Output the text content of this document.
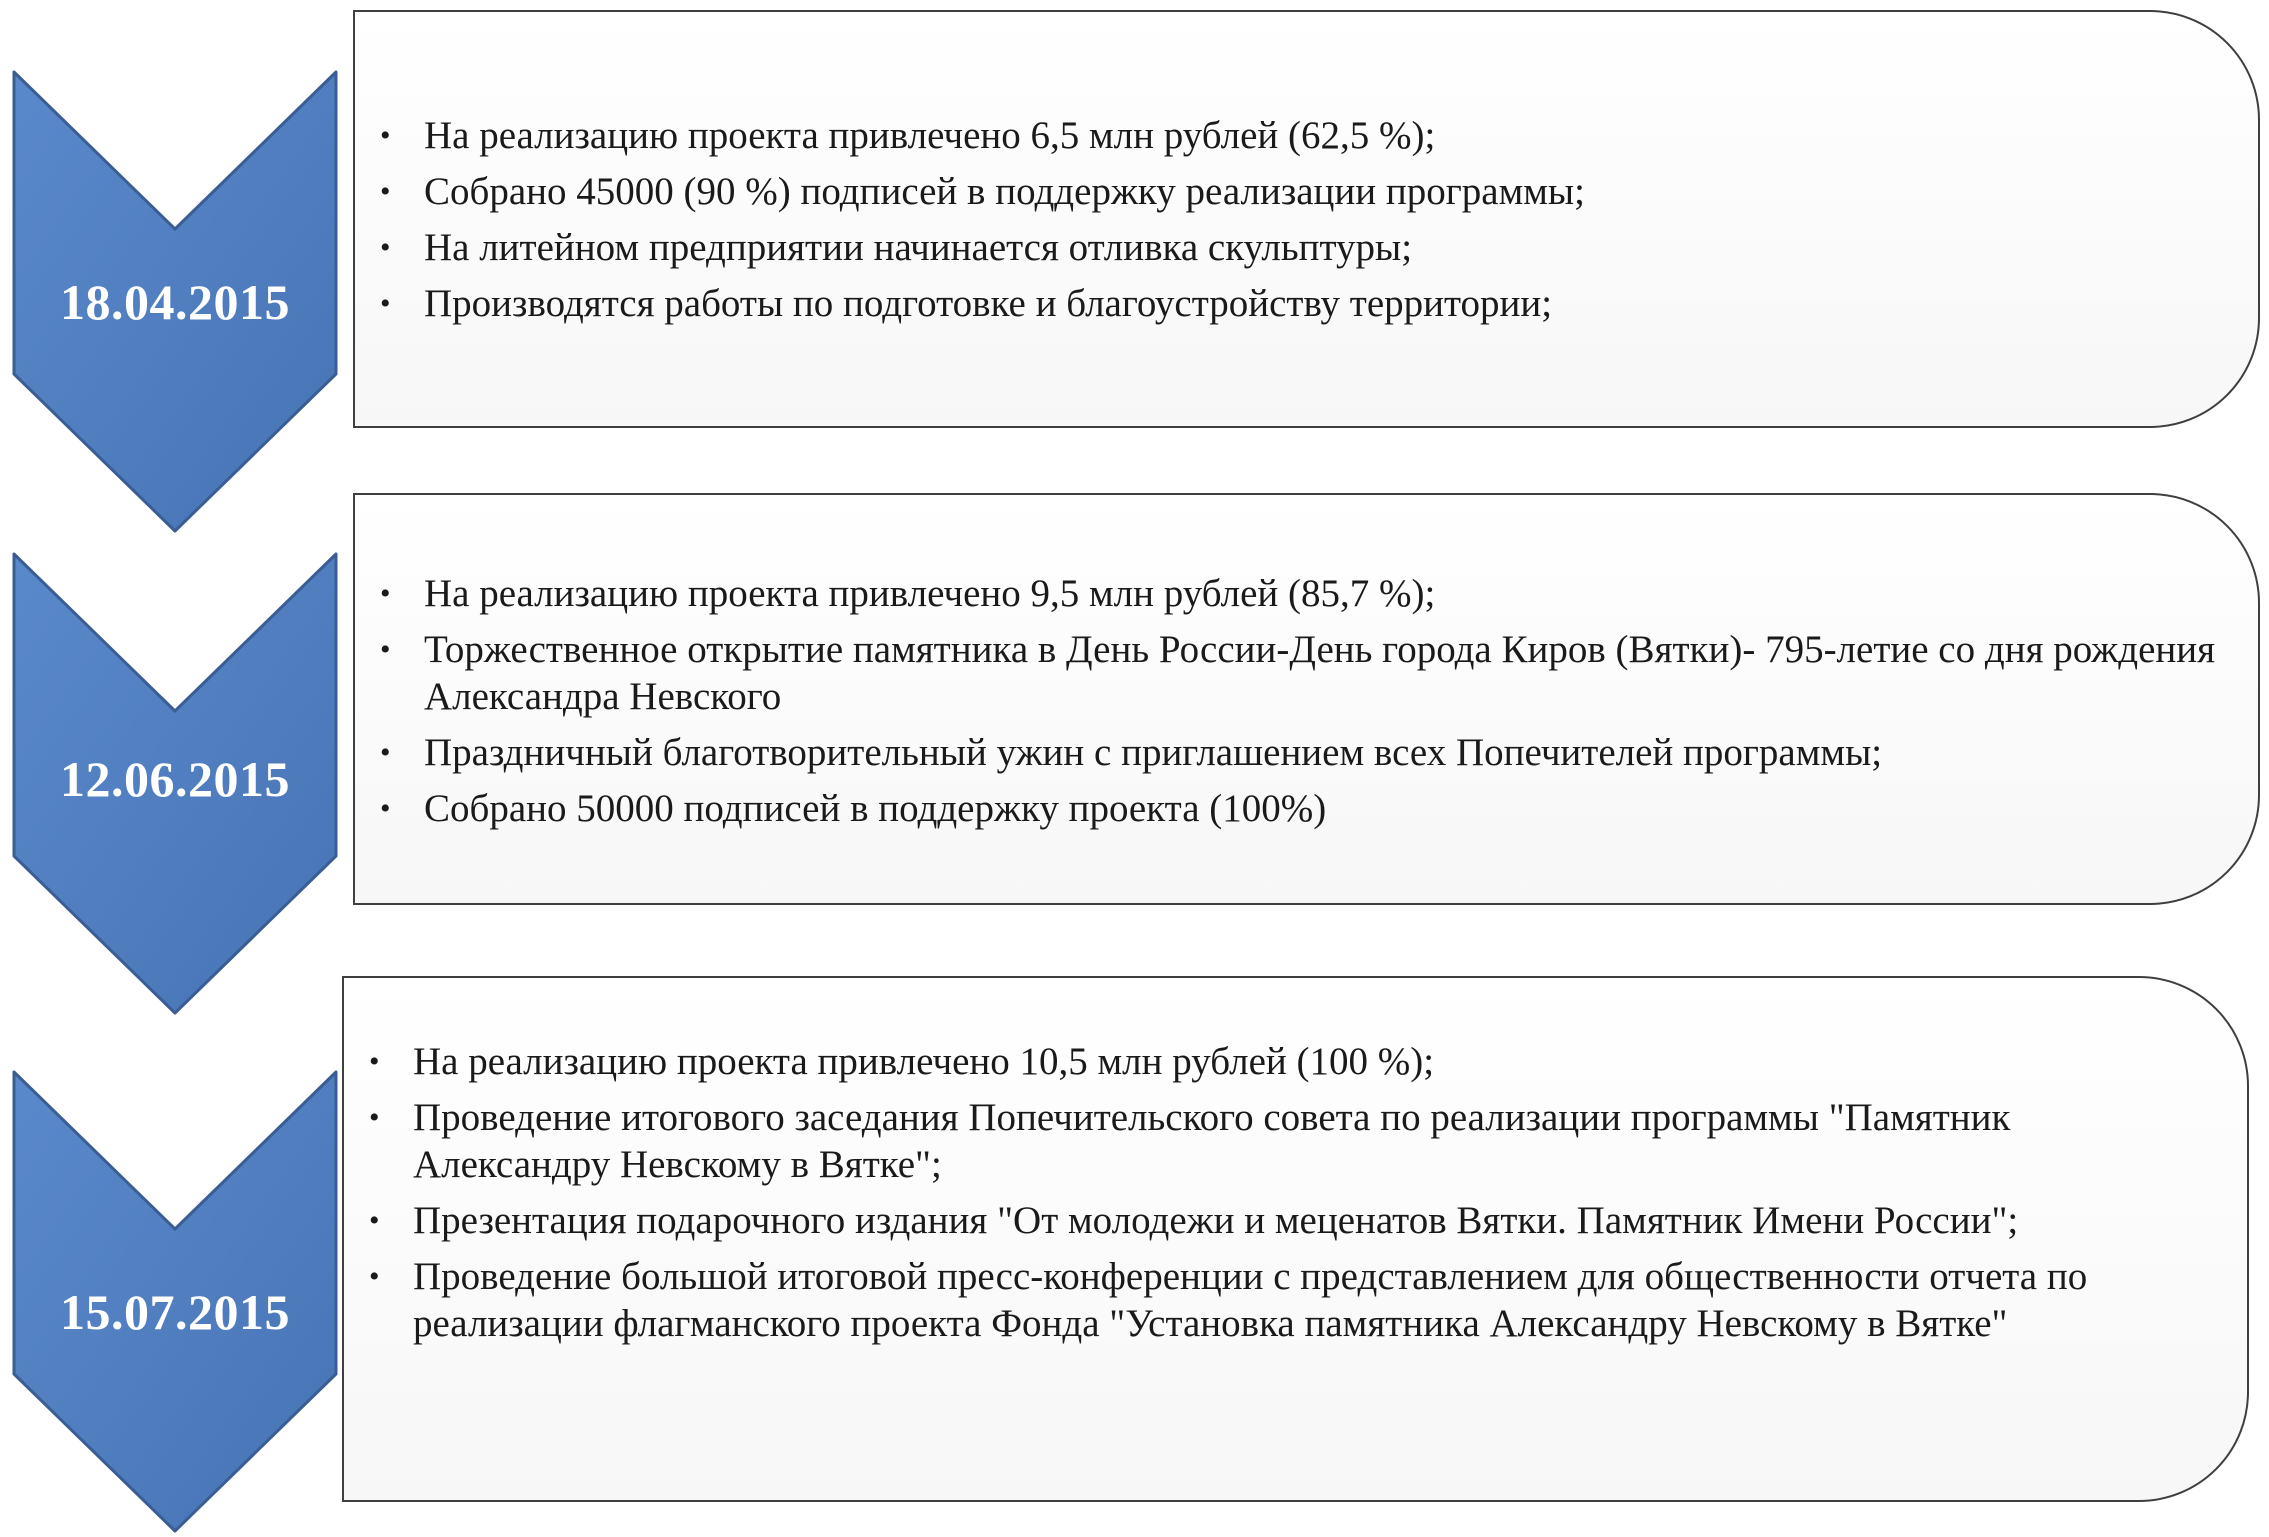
18.04.2015
• На реализацию проекта привлечено 6,5 млн рублей (62,5 %);
• Собрано 45000 (90 %) подписей в поддержку реализации программы;
• На литейном предприятии начинается отливка скульптуры;
• Производятся работы по подготовке и благоустройству территории;
12.06.2015
• На реализацию проекта привлечено 9,5 млн рублей (85,7 %);
• Торжественное открытие памятника в День России-День города Киров (Вятки)- 795-летие со дня рождения Александра Невского
• Праздничный благотворительный ужин с приглашением всех Попечителей программы;
• Собрано 50000 подписей в поддержку проекта (100%)
15.07.2015
• На реализацию проекта привлечено 10,5 млн рублей (100 %);
• Проведение итогового заседания Попечительского совета по реализации программы "Памятник Александру Невскому в Вятке";
• Презентация подарочного издания "От молодежи и меценатов Вятки. Памятник Имени России";
• Проведение большой итоговой пресс-конференции с представлением для общественности отчета по реализации флагманского проекта Фонда "Установка памятника Александру Невскому в Вятке"
